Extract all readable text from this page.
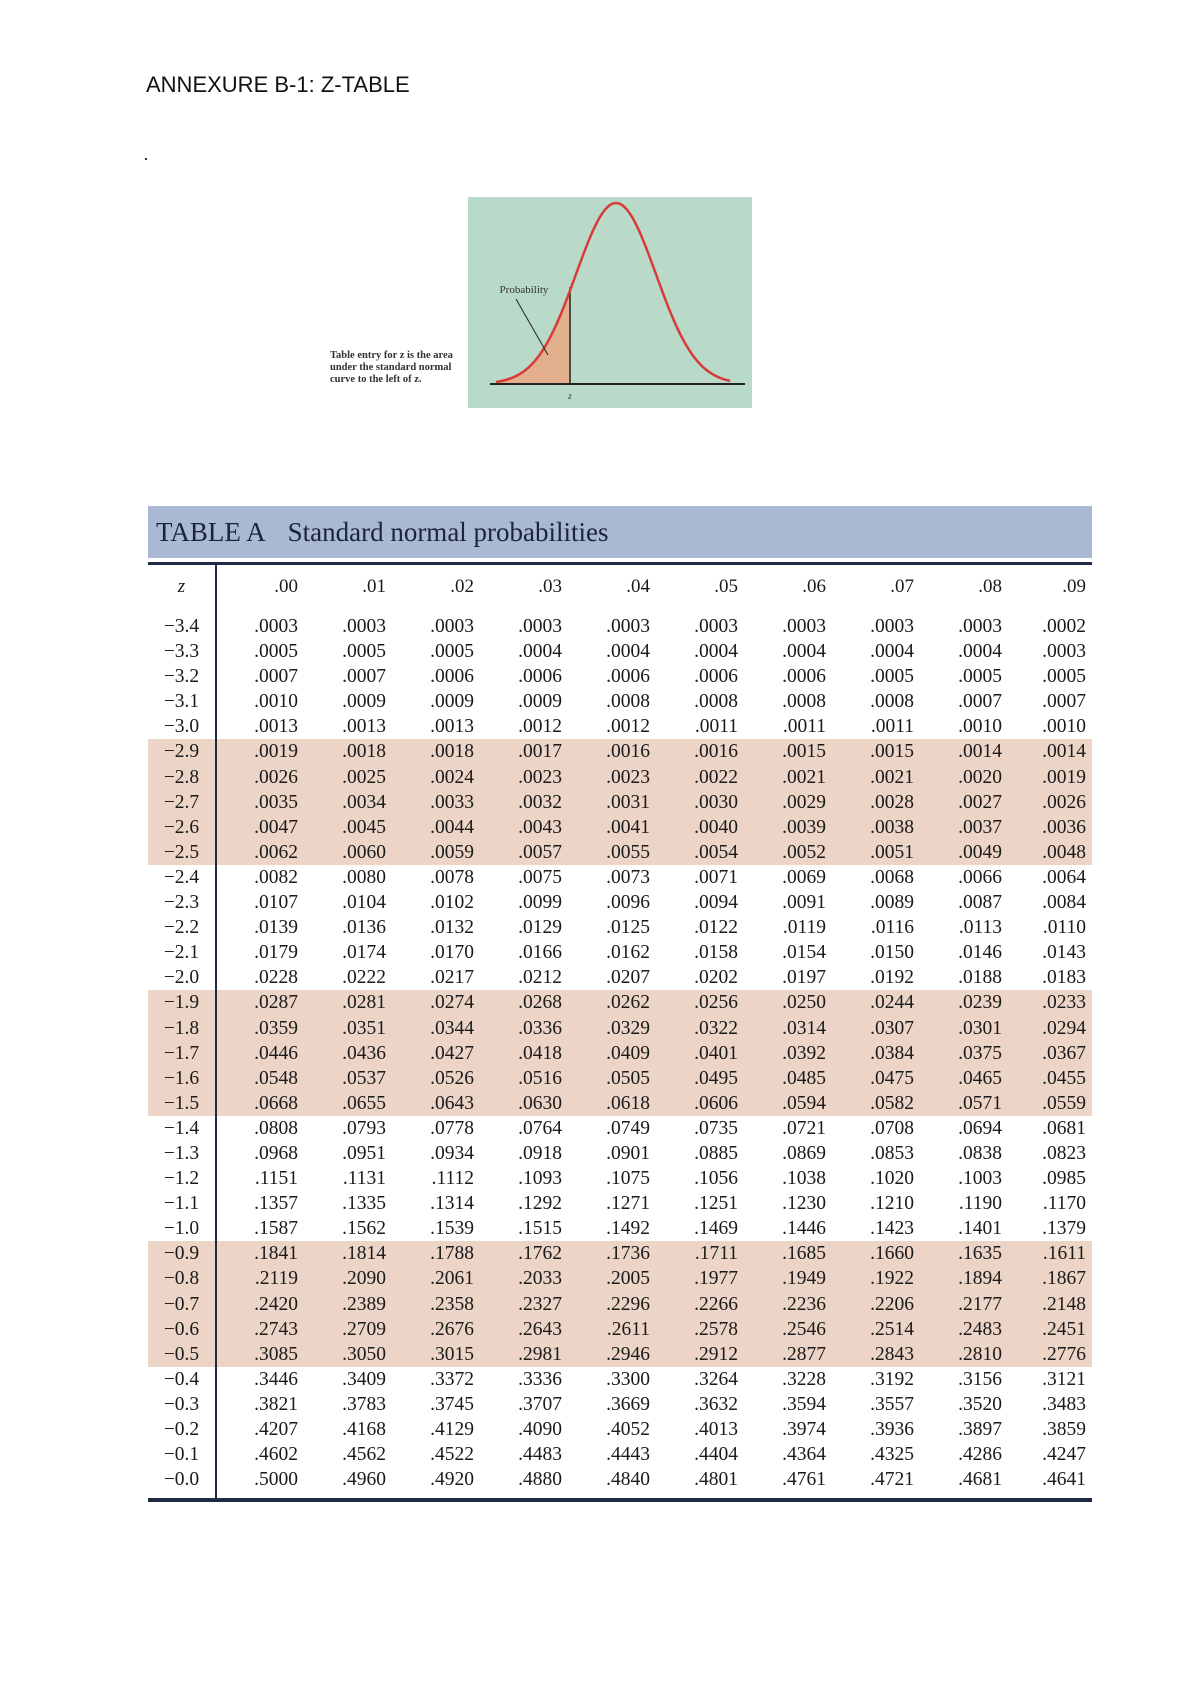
ANNEXURE B-1: Z-TABLE
Table entry for z is the area under the standard normal curve to the left of z.
Probability
z
TABLE A Standard normal probabilities
z	.00	.01	.02	.03	.04	.05	.06	.07	.08	.09
−3.4	.0003	.0003	.0003	.0003	.0003	.0003	.0003	.0003	.0003	.0002
−3.3	.0005	.0005	.0005	.0004	.0004	.0004	.0004	.0004	.0004	.0003
−3.2	.0007	.0007	.0006	.0006	.0006	.0006	.0006	.0005	.0005	.0005
−3.1	.0010	.0009	.0009	.0009	.0008	.0008	.0008	.0008	.0007	.0007
−3.0	.0013	.0013	.0013	.0012	.0012	.0011	.0011	.0011	.0010	.0010
−2.9	.0019	.0018	.0018	.0017	.0016	.0016	.0015	.0015	.0014	.0014
−2.8	.0026	.0025	.0024	.0023	.0023	.0022	.0021	.0021	.0020	.0019
−2.7	.0035	.0034	.0033	.0032	.0031	.0030	.0029	.0028	.0027	.0026
−2.6	.0047	.0045	.0044	.0043	.0041	.0040	.0039	.0038	.0037	.0036
−2.5	.0062	.0060	.0059	.0057	.0055	.0054	.0052	.0051	.0049	.0048
−2.4	.0082	.0080	.0078	.0075	.0073	.0071	.0069	.0068	.0066	.0064
−2.3	.0107	.0104	.0102	.0099	.0096	.0094	.0091	.0089	.0087	.0084
−2.2	.0139	.0136	.0132	.0129	.0125	.0122	.0119	.0116	.0113	.0110
−2.1	.0179	.0174	.0170	.0166	.0162	.0158	.0154	.0150	.0146	.0143
−2.0	.0228	.0222	.0217	.0212	.0207	.0202	.0197	.0192	.0188	.0183
−1.9	.0287	.0281	.0274	.0268	.0262	.0256	.0250	.0244	.0239	.0233
−1.8	.0359	.0351	.0344	.0336	.0329	.0322	.0314	.0307	.0301	.0294
−1.7	.0446	.0436	.0427	.0418	.0409	.0401	.0392	.0384	.0375	.0367
−1.6	.0548	.0537	.0526	.0516	.0505	.0495	.0485	.0475	.0465	.0455
−1.5	.0668	.0655	.0643	.0630	.0618	.0606	.0594	.0582	.0571	.0559
−1.4	.0808	.0793	.0778	.0764	.0749	.0735	.0721	.0708	.0694	.0681
−1.3	.0968	.0951	.0934	.0918	.0901	.0885	.0869	.0853	.0838	.0823
−1.2	.1151	.1131	.1112	.1093	.1075	.1056	.1038	.1020	.1003	.0985
−1.1	.1357	.1335	.1314	.1292	.1271	.1251	.1230	.1210	.1190	.1170
−1.0	.1587	.1562	.1539	.1515	.1492	.1469	.1446	.1423	.1401	.1379
−0.9	.1841	.1814	.1788	.1762	.1736	.1711	.1685	.1660	.1635	.1611
−0.8	.2119	.2090	.2061	.2033	.2005	.1977	.1949	.1922	.1894	.1867
−0.7	.2420	.2389	.2358	.2327	.2296	.2266	.2236	.2206	.2177	.2148
−0.6	.2743	.2709	.2676	.2643	.2611	.2578	.2546	.2514	.2483	.2451
−0.5	.3085	.3050	.3015	.2981	.2946	.2912	.2877	.2843	.2810	.2776
−0.4	.3446	.3409	.3372	.3336	.3300	.3264	.3228	.3192	.3156	.3121
−0.3	.3821	.3783	.3745	.3707	.3669	.3632	.3594	.3557	.3520	.3483
−0.2	.4207	.4168	.4129	.4090	.4052	.4013	.3974	.3936	.3897	.3859
−0.1	.4602	.4562	.4522	.4483	.4443	.4404	.4364	.4325	.4286	.4247
−0.0	.5000	.4960	.4920	.4880	.4840	.4801	.4761	.4721	.4681	.4641
